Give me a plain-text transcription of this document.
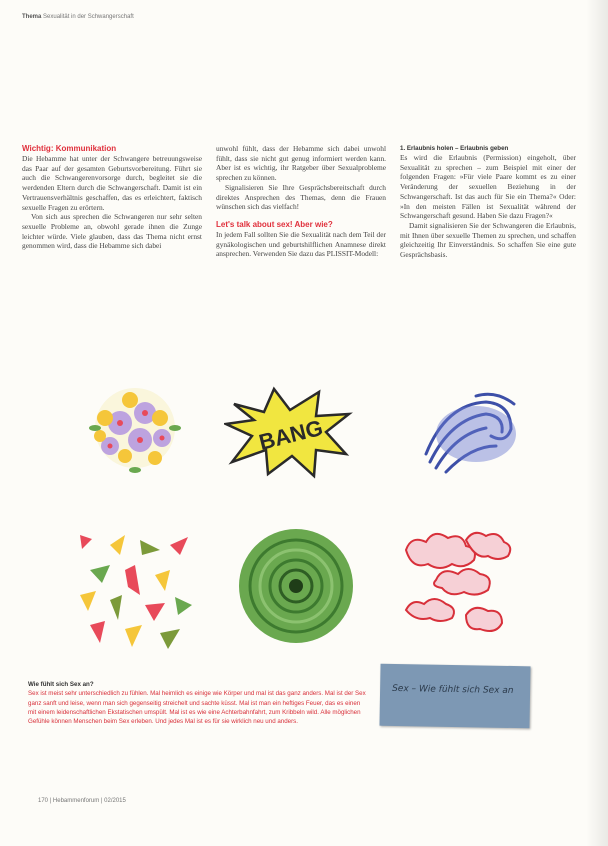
Thema Sexualität in der Schwangerschaft

Wichtig: Kommunikation

Die Hebamme hat unter der Schwangere betreuungsweise das Paar auf der gesamten Geburtsvorbereitung. Führt sie auch die Schwangerenvorsorge durch, begleitet sie die werdenden Eltern durch die Schwangerschaft. Damit ist ein Vertrauensverhältnis geschaffen, das es erleichtert, faktisch sexuelle Fragen zu erörtern.

Von sich aus sprechen die Schwangeren nur sehr selten sexuelle Probleme an, obwohl gerade ihnen die Zunge leichter würde. Viele glauben, dass das Thema nicht ernst genommen wird, dass die Hebamme sich dabei

unwohl fühlt, dass der Hebamme sich dabei unwohl fühlt, dass sie nicht gut genug informiert werden kann. Aber ist es wichtig, ihr Ratgeber über Sexualprobleme sprechen zu können.

Signalisieren Sie Ihre Gesprächsbereitschaft durch direktes Ansprechen des Themas, denn die Frauen wünschen sich das vielfach!

Let's talk about sex! Aber wie?

In jedem Fall sollten Sie die Sexualität nach dem Teil der gynäkologischen und geburtshilflichen Anamnese direkt ansprechen. Verwenden Sie dazu das PLISSIT-Modell:

1. Erlaubnis holen – Erlaubnis geben

Es wird die Erlaubnis (Permission) eingeholt, über Sexualität zu sprechen – zum Beispiel mit einer der folgenden Fragen: »Für viele Paare kommt es zu einer Veränderung der sexuellen Beziehung in der Schwangerschaft. Ist das auch für Sie ein Thema?« Oder: »In den meisten Fällen ist Sexualität während der Schwangerschaft gesund. Haben Sie dazu Fragen?«

Damit signalisieren Sie der Schwangeren die Erlaubnis, mit Ihnen über sexuelle Themen zu sprechen, und schaffen gleichzeitig Ihr Einverständnis. So schaffen Sie eine gute Gesprächsbasis.

BANG
Sex – Wie fühlt sich Sex an

Wie fühlt sich Sex an?

Sex ist meist sehr unterschiedlich zu fühlen. Mal heimlich es einige wie Körper und mal ist das ganz anders. Mal ist der Sex ganz sanft und leise, wenn man sich gegenseitig streichelt und sachte küsst. Mal ist man ein heftiges Feuer, das es einen mit einem leidenschaftlichen Ekstatischen umspült. Mal ist es wie eine Achterbahnfahrt, zum Kribbeln wild. Alle möglichen Gefühle können Menschen beim Sex erleben. Und jedes Mal ist es für sie wirklich neu und anders.

170 | Hebammenforum | 02/2015
